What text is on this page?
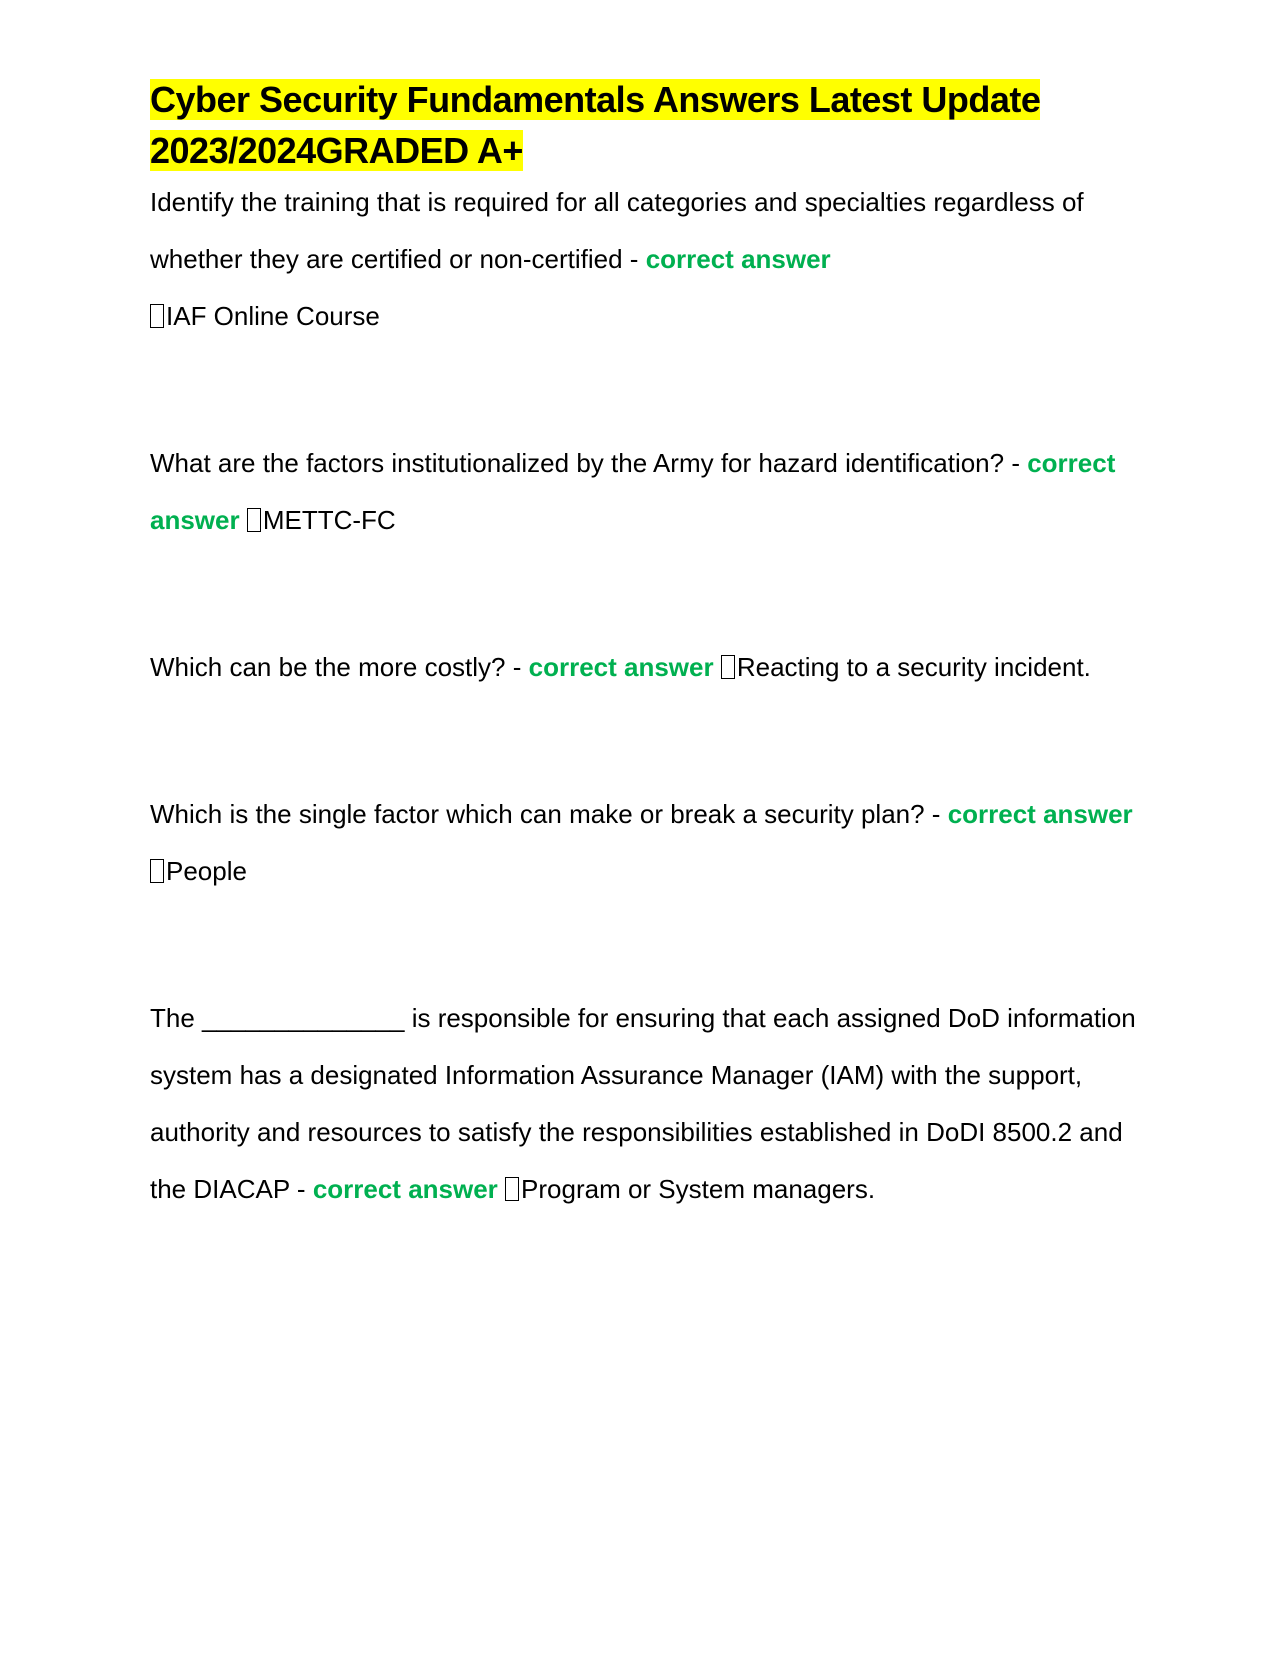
Cyber Security Fundamentals Answers Latest Update
2023/2024GRADED A+

Identify the training that is required for all categories and specialties regardless of whether they are certified or non-certified - correct answer
IAF Online Course

What are the factors institutionalized by the Army for hazard identification? - correct answer METTC-FC

Which can be the more costly? - correct answer Reacting to a security incident.

Which is the single factor which can make or break a security plan? - correct answer People

The ______________ is responsible for ensuring that each assigned DoD information system has a designated Information Assurance Manager (IAM) with the support, authority and resources to satisfy the responsibilities established in DoDI 8500.2 and the DIACAP - correct answer Program or System managers.
